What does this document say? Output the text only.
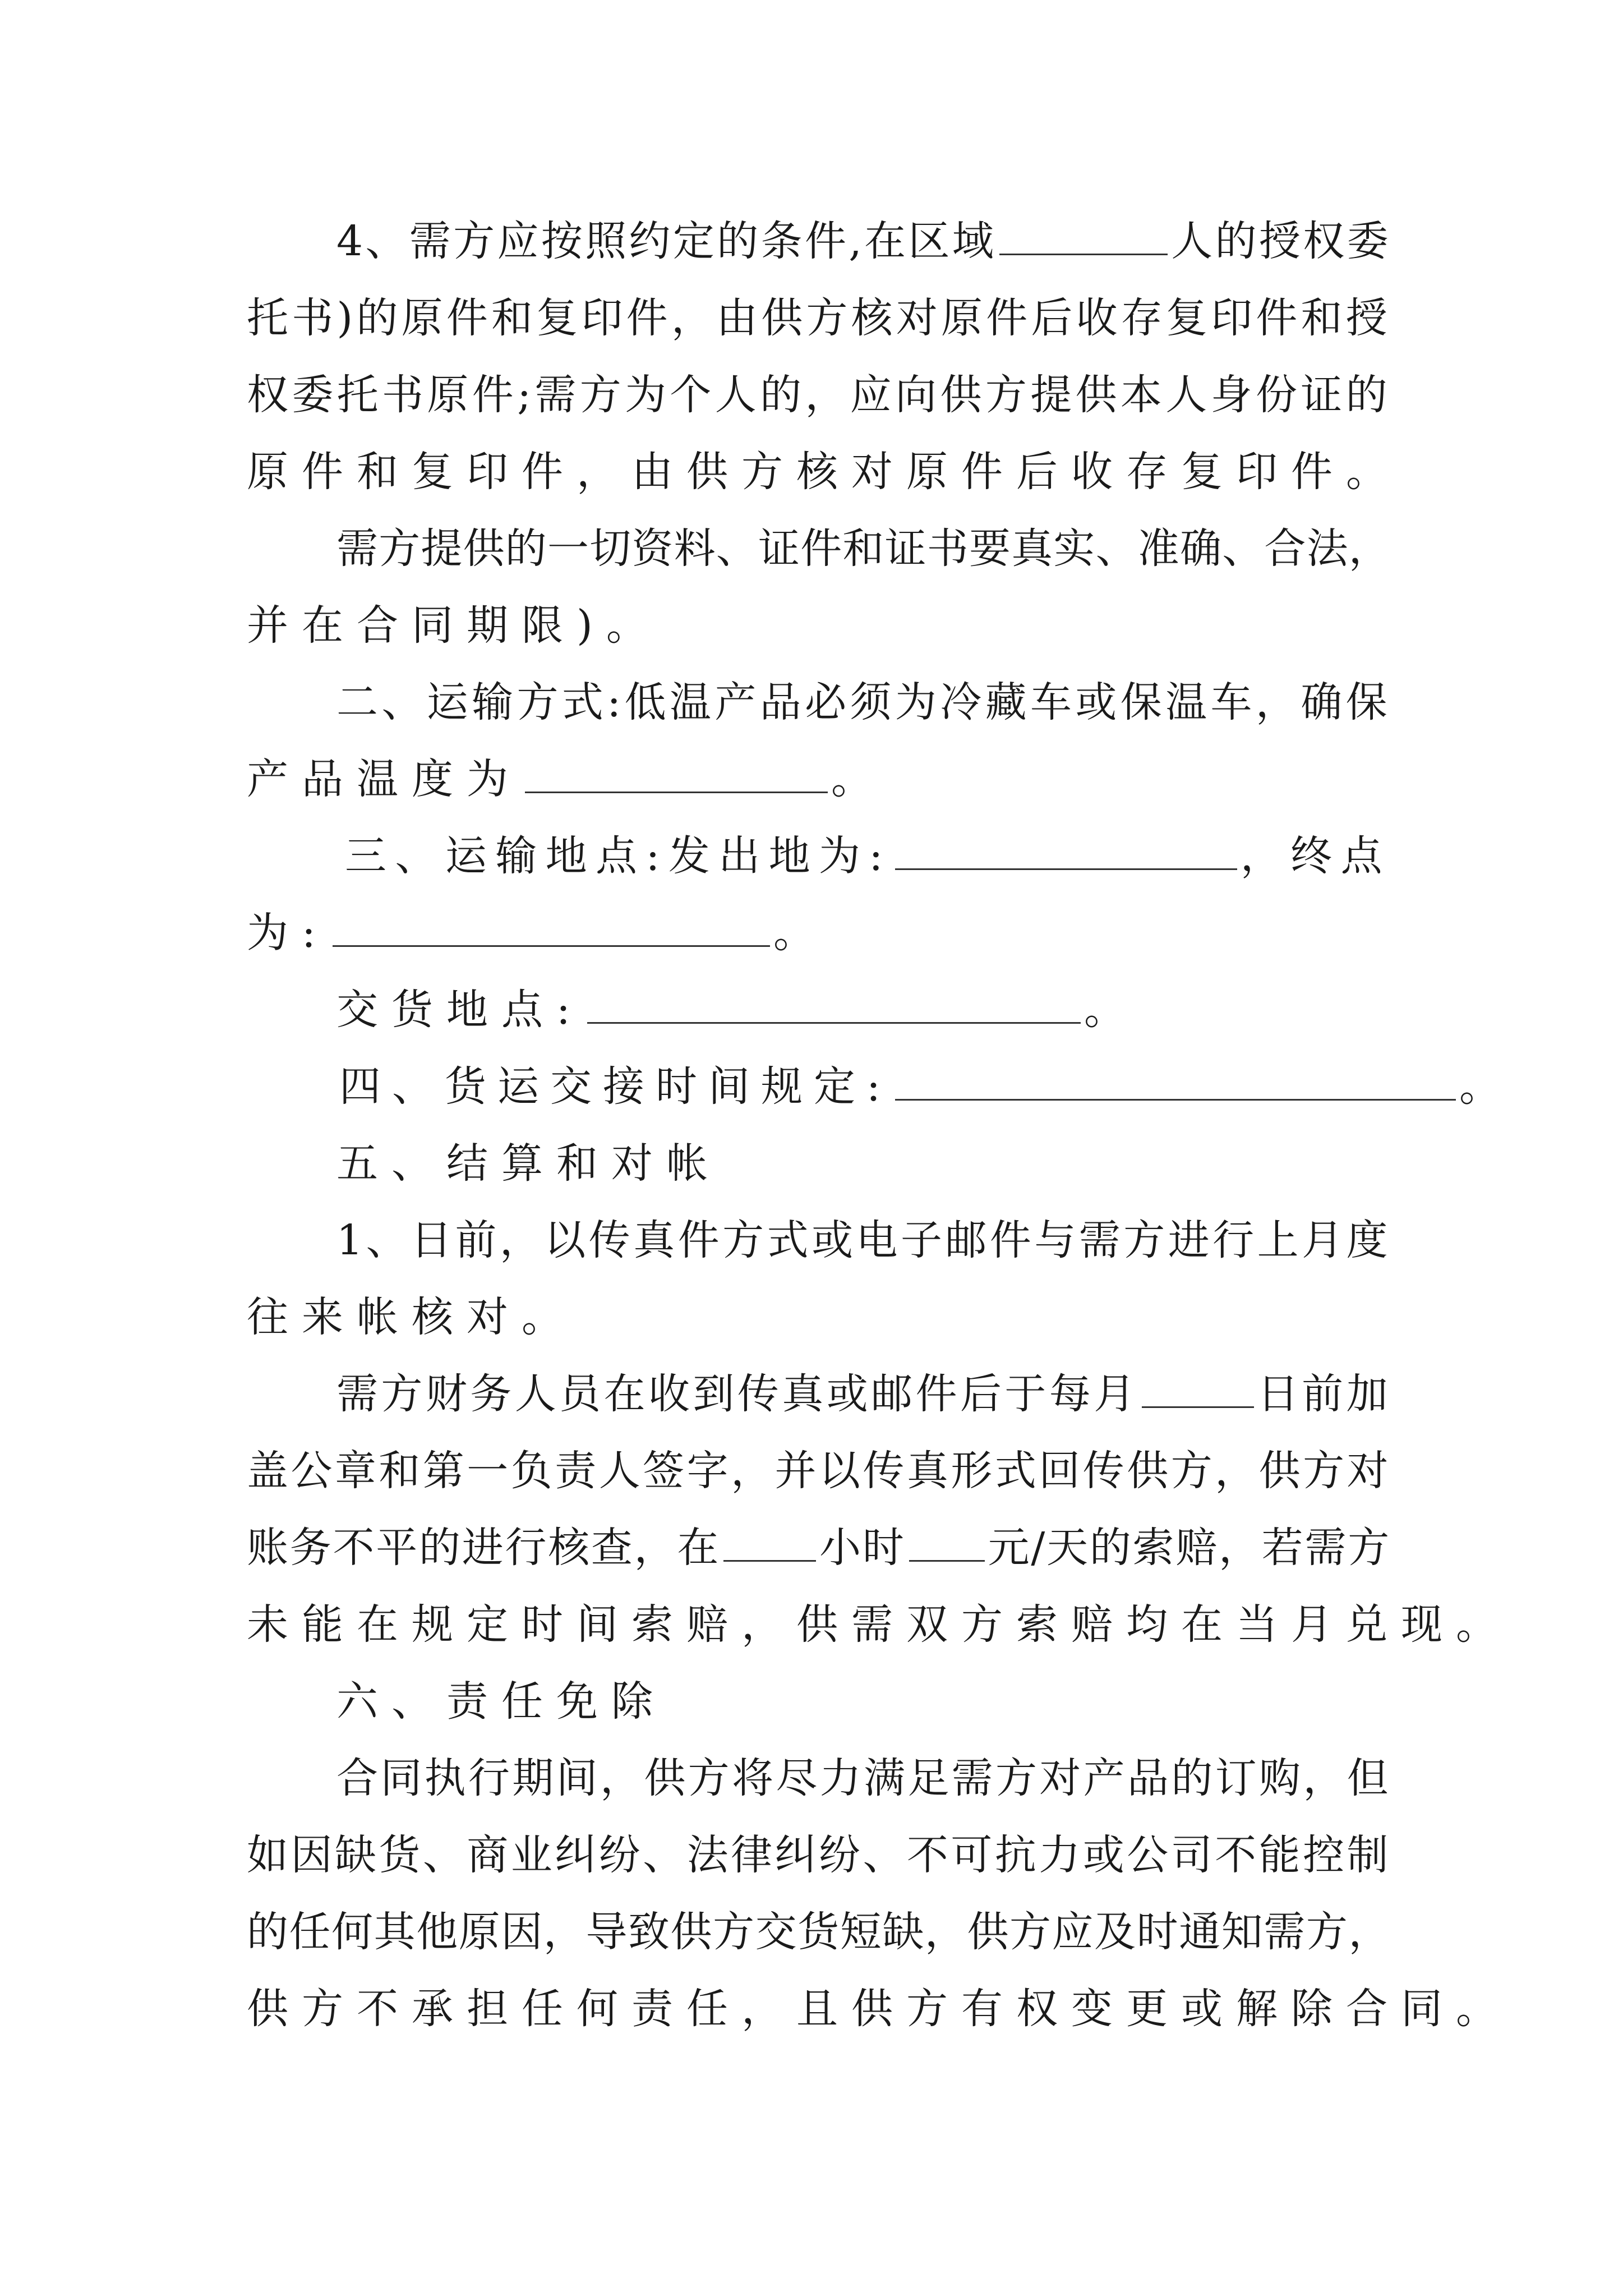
4、需方应按照约定的条件,在区域	人的授权委
托书)的原件和复印件，由供方核对原件后收存复印件和授
权委托书原件;需方为个人的，应向供方提供本人身份证的
原件和复印件，由供方核对原件后收存复印件。
需方提供的一切资料、证件和证书要真实、准确、合法，
并在合同期限)。
二、运输方式:低温产品必须为冷藏车或保温车，确保
产品温度为	。
三、运输地点:发出地为:	，终点
为:	。
交货地点:	。
四、货运交接时间规定:	。
五、结算和对帐
1、日前，以传真件方式或电子邮件与需方进行上月度
往来帐核对。
需方财务人员在收到传真或邮件后于每月	日前加
盖公章和第一负责人签字，并以传真形式回传供方，供方对
账务不平的进行核查，在 小时 元/天的索赔，若需方
未能在规定时间索赔，供需双方索赔均在当月兑现。
六、责任免除
合同执行期间，供方将尽力满足需方对产品的订购，但
如因缺货、商业纠纷、法律纠纷、不可抗力或公司不能控制
的任何其他原因，导致供方交货短缺，供方应及时通知需方，
供方不承担任何责任，且供方有权变更或解除合同。
